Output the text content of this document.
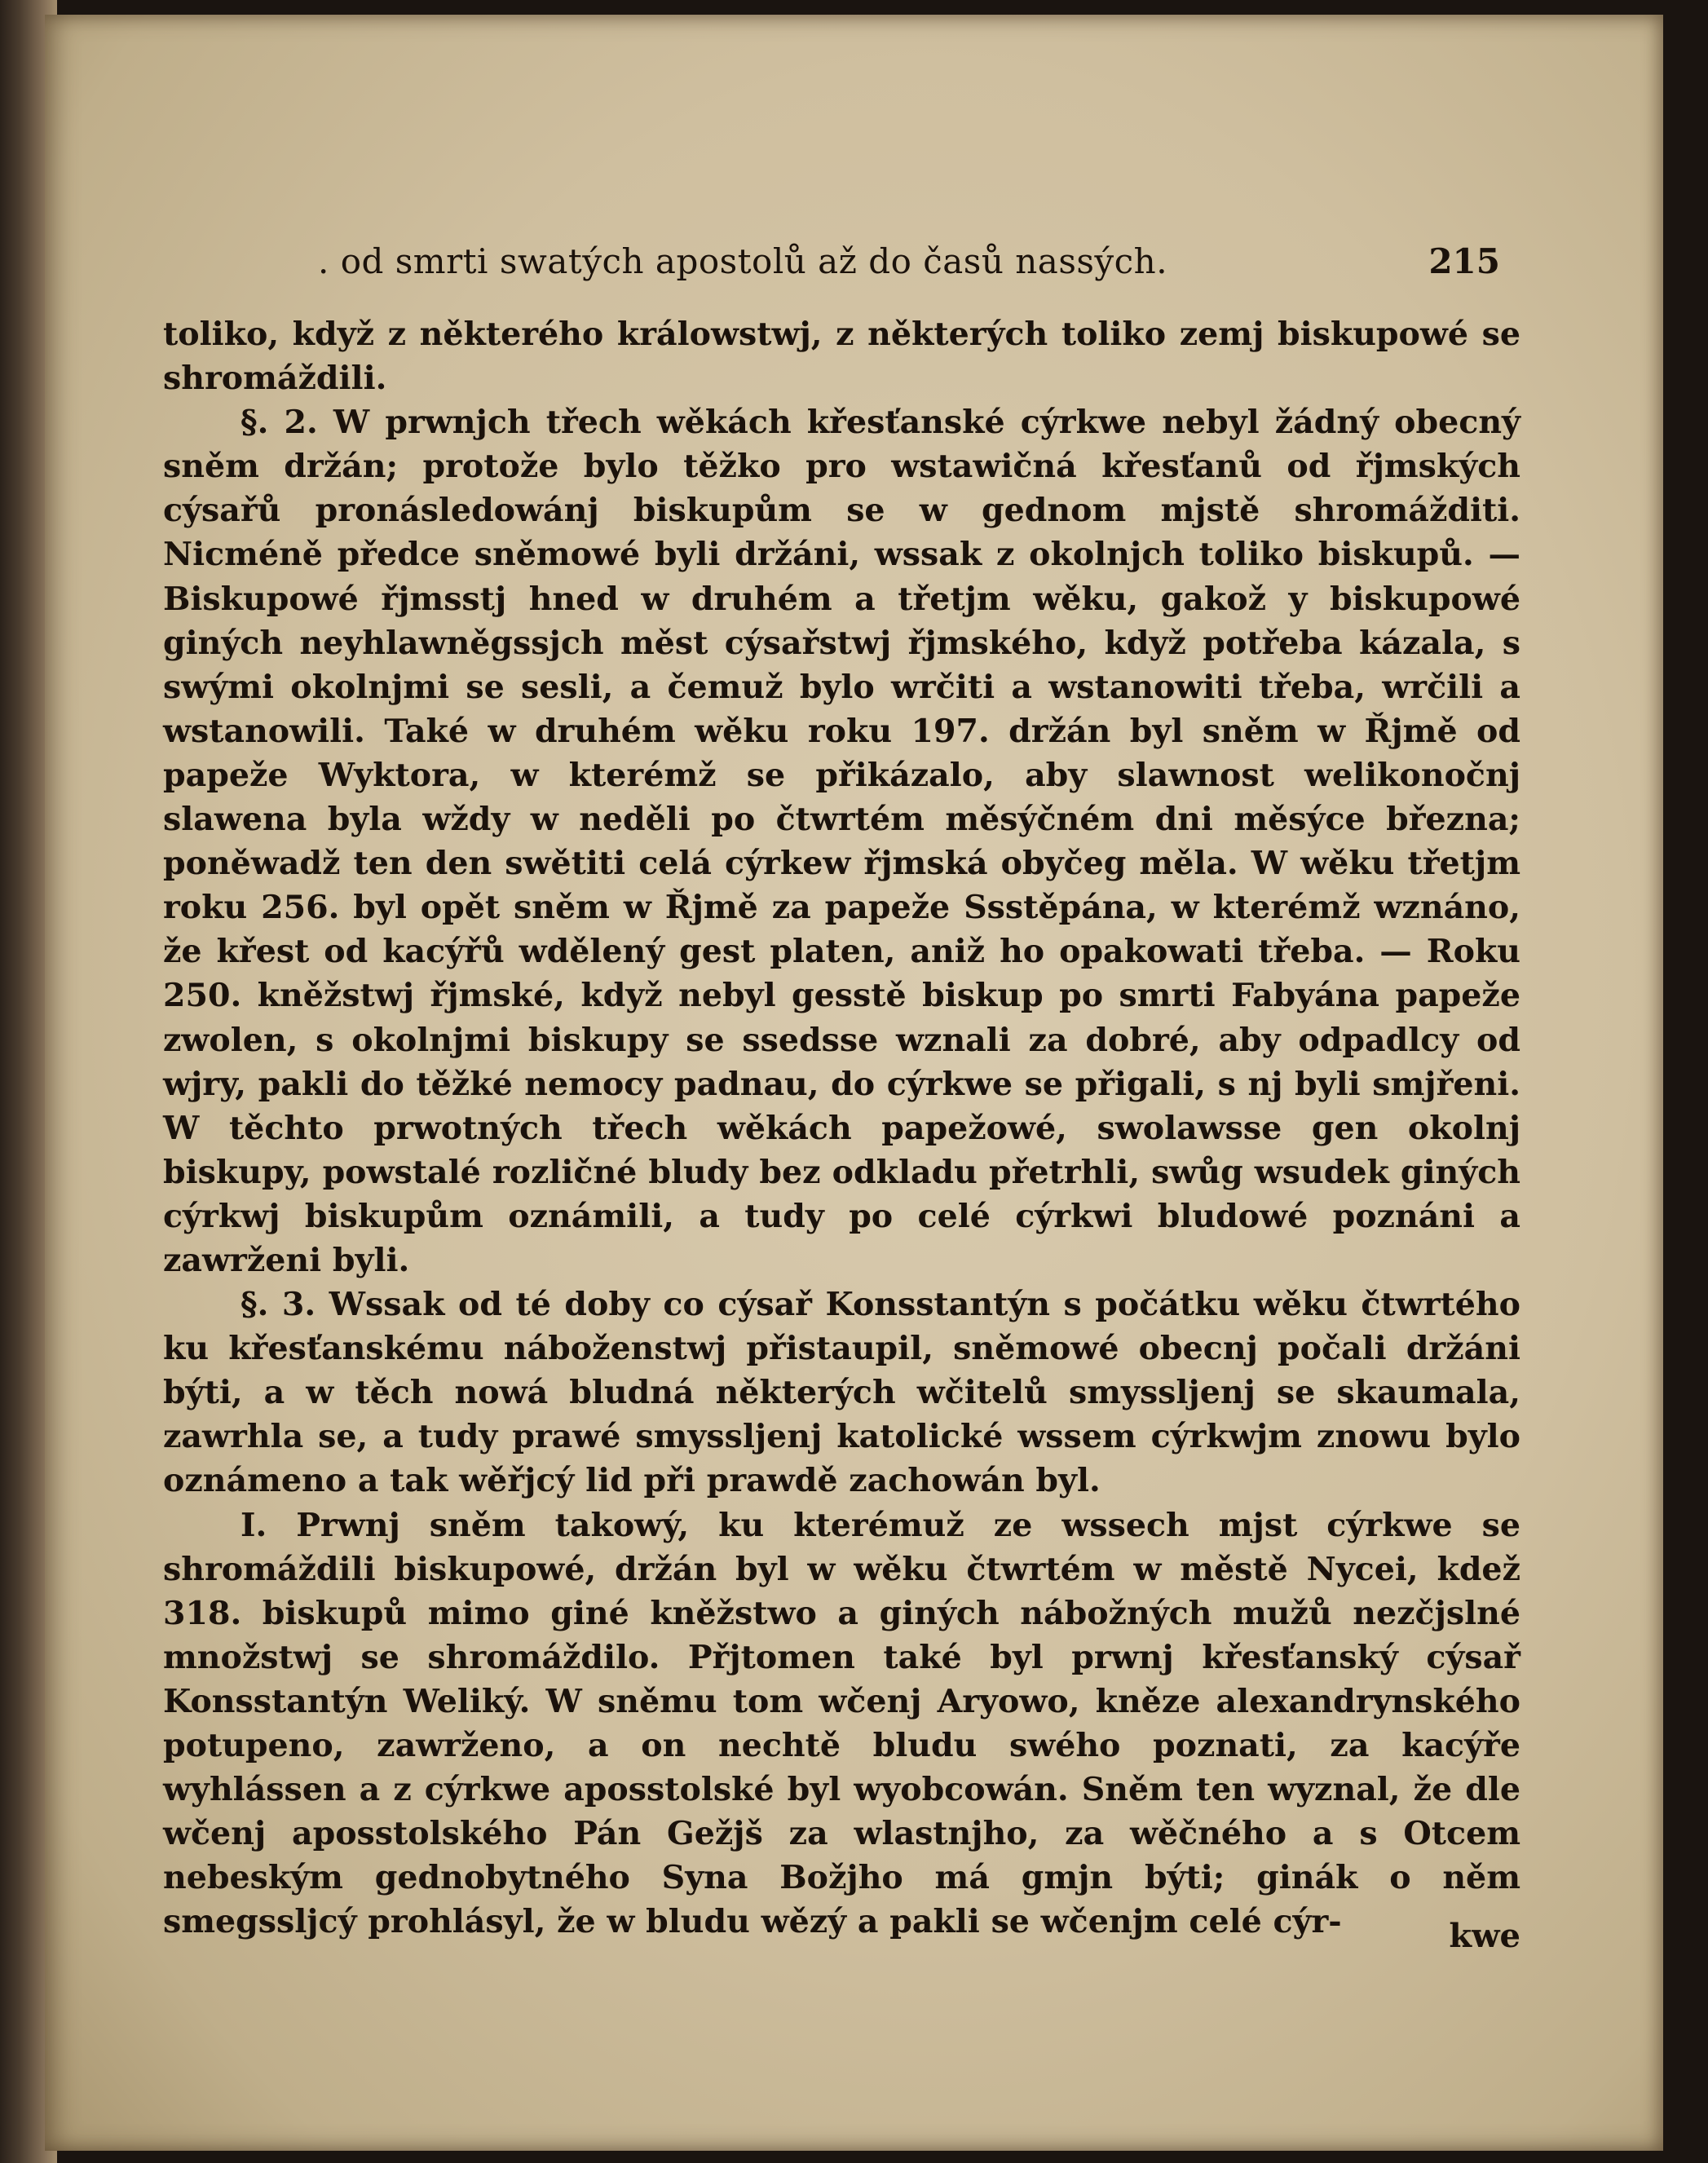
. od smrti swatých apostolů až do časů nassých.	215

toliko, když z některého králowstwj, z některých toliko zemj biskupowé se shromáždili.

§. 2. W prwnjch třech wěkách křesťanské cýrkwe nebyl žádný obecný sněm držán; protože bylo těžko pro wstawičná křesťanů od řjmských cýsařů pronásledowánj biskupům se w gednom mjstě shromážditi. Nicméně předce sněmowé byli držáni, wssak z okolnjch toliko biskupů. — Biskupowé řjmsstj hned w druhém a třetjm wěku, gakož y biskupowé giných neyhlawněgssjch měst cýsařstwj řjmského, když potřeba kázala, s swými okolnjmi se sesli, a čemuž bylo wrčiti a wstanowiti třeba, wrčili a wstanowili. Také w druhém wěku roku 197. držán byl sněm w Řjmě od papeže Wyktora, w kterémž se přikázalo, aby slawnost welikonočnj slawena byla wždy w neděli po čtwrtém měsýčném dni měsýce března; poněwadž ten den swětiti celá cýrkew řjmská obyčeg měla. W wěku třetjm roku 256. byl opět sněm w Řjmě za papeže Ssstěpána, w kterémž wznáno, že křest od kacýřů wdělený gest platen, aniž ho opakowati třeba. — Roku 250. kněžstwj řjmské, když nebyl gesstě biskup po smrti Fabyána papeže zwolen, s okolnjmi biskupy se ssedsse wznali za dobré, aby odpadlcy od wjry, pakli do těžké nemocy padnau, do cýrkwe se přigali, s nj byli smjřeni. W těchto prwotných třech wěkách papežowé, swolawsse gen okolnj biskupy, powstalé rozličné bludy bez odkladu přetrhli, swůg wsudek giných cýrkwj biskupům oznámili, a tudy po celé cýrkwi bludowé poznáni a zawrženi byli.

§. 3. Wssak od té doby co cýsař Konsstantýn s počátku wěku čtwrtého ku křesťanskému náboženstwj přistaupil, sněmowé obecnj počali držáni býti, a w těch nowá bludná některých wčitelů smyssljenj se skaumala, zawrhla se, a tudy prawé smyssljenj katolické wssem cýrkwjm znowu bylo oznámeno a tak wěřjcý lid při prawdě zachowán byl.

I. Prwnj sněm takowý, ku kterémuž ze wssech mjst cýrkwe se shromáždili biskupowé, držán byl w wěku čtwrtém w městě Nycei, kdež 318. biskupů mimo giné kněžstwo a giných nábožných mužů nezčjslné množstwj se shromáždilo. Přjtomen také byl prwnj křesťanský cýsař Konsstantýn Weliký. W sněmu tom wčenj Aryowo, kněze alexandrynského potupeno, zawrženo, a on nechtě bludu swého poznati, za kacýře wyhlássen a z cýrkwe aposstolské byl wyobcowán. Sněm ten wyznal, že dle wčenj aposstolského Pán Gežjš za wlastnjho, za wěčného a s Otcem nebeským gednobytného Syna Božjho má gmjn býti; ginák o něm smegssljcý prohlásyl, že w bludu wězý a pakli se wčenjm celé cýr-	kwe
